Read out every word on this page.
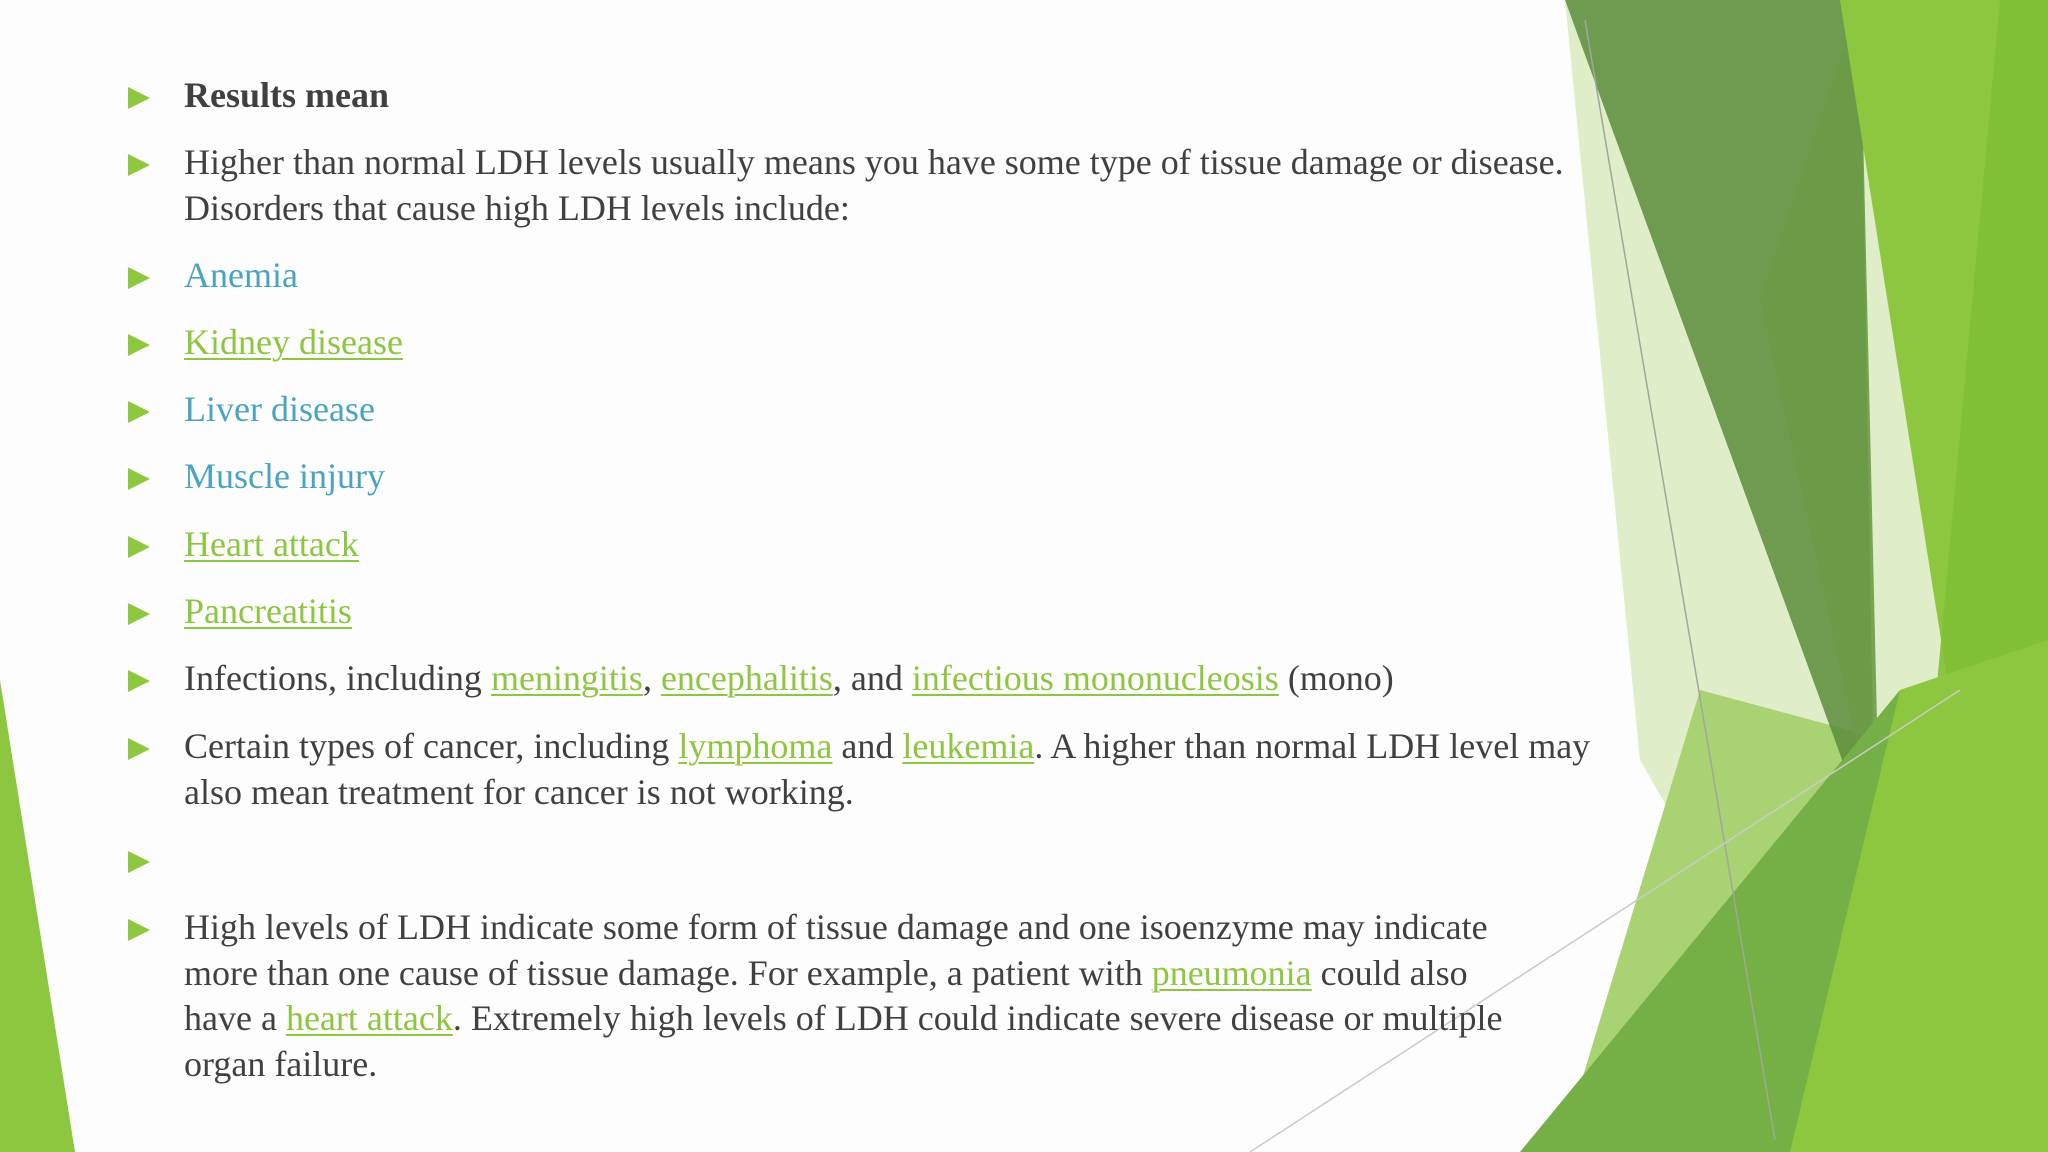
Results mean
Higher than normal LDH levels usually means you have some type of tissue damage or disease. Disorders that cause high LDH levels include:
Anemia
Kidney disease
Liver disease
Muscle injury
Heart attack
Pancreatitis
Infections, including meningitis, encephalitis, and infectious mononucleosis (mono)
Certain types of cancer, including lymphoma and leukemia. A higher than normal LDH level may also mean treatment for cancer is not working.
High levels of LDH indicate some form of tissue damage and one isoenzyme may indicate more than one cause of tissue damage. For example, a patient with pneumonia could also have a heart attack. Extremely high levels of LDH could indicate severe disease or multiple organ failure.
